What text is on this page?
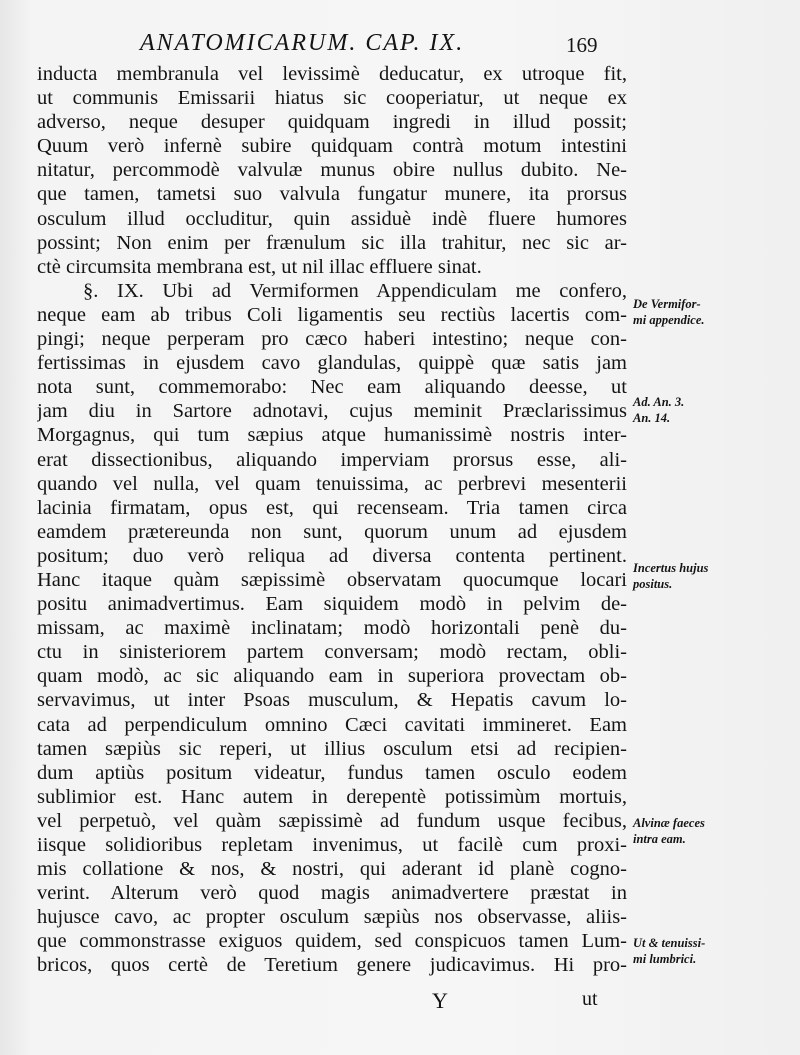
ANATOMICARUM. CAP. IX.	169
inducta membranula vel levissimè deducatur, ex utroque fit,
ut communis Emissarii hiatus sic cooperiatur, ut neque ex
adverso, neque desuper quidquam ingredi in illud possit;
Quum verò infernè subire quidquam contrà motum intestini
nitatur, percommodè valvulæ munus obire nullus dubito. Ne-
que tamen, tametsi suo valvula fungatur munere, ita prorsus
osculum illud occluditur, quin assiduè indè fluere humores
possint; Non enim per frænulum sic illa trahitur, nec sic ar-
ctè circumsita membrana est, ut nil illac effluere sinat.
§. IX. Ubi ad Vermiformen Appendiculam me confero,
neque eam ab tribus Coli ligamentis seu rectiùs lacertis com-
pingi; neque perperam pro cæco haberi intestino; neque con-
fertissimas in ejusdem cavo glandulas, quippè quæ satis jam
nota sunt, commemorabo: Nec eam aliquando deesse, ut
jam diu in Sartore adnotavi, cujus meminit Præclarissimus
Morgagnus, qui tum sæpius atque humanissimè nostris inter-
erat dissectionibus, aliquando imperviam prorsus esse, ali-
quando vel nulla, vel quam tenuissima, ac perbrevi mesenterii
lacinia firmatam, opus est, qui recenseam. Tria tamen circa
eamdem prætereunda non sunt, quorum unum ad ejusdem
positum; duo verò reliqua ad diversa contenta pertinent.
Hanc itaque quàm sæpissimè observatam quocumque locari
positu animadvertimus. Eam siquidem modò in pelvim de-
missam, ac maximè inclinatam; modò horizontali penè du-
ctu in sinisteriorem partem conversam; modò rectam, obli-
quam modò, ac sic aliquando eam in superiora provectam ob-
servavimus, ut inter Psoas musculum, & Hepatis cavum lo-
cata ad perpendiculum omnino Cæci cavitati immineret. Eam
tamen sæpiùs sic reperi, ut illius osculum etsi ad recipien-
dum aptiùs positum videatur, fundus tamen osculo eodem
sublimior est. Hanc autem in derepentè potissimùm mortuis,
vel perpetuò, vel quàm sæpissimè ad fundum usque fecibus,
iisque solidioribus repletam invenimus, ut facilè cum proxi-
mis collatione & nos, & nostri, qui aderant id planè cogno-
verint. Alterum verò quod magis animadvertere præstat in
hujusce cavo, ac propter osculum sæpiùs nos observasse, aliis-
que commonstrasse exiguos quidem, sed conspicuos tamen Lum-
bricos, quos certè de Teretium genere judicavimus. Hi pro-
De Vermifor-
mi appendice.
Ad. An. 3.
An. 14.
Incertus hujus
positus.
Alvinæ faeces
intra eam.
Ut & tenuissi-
mi lumbrici.
Y	ut
